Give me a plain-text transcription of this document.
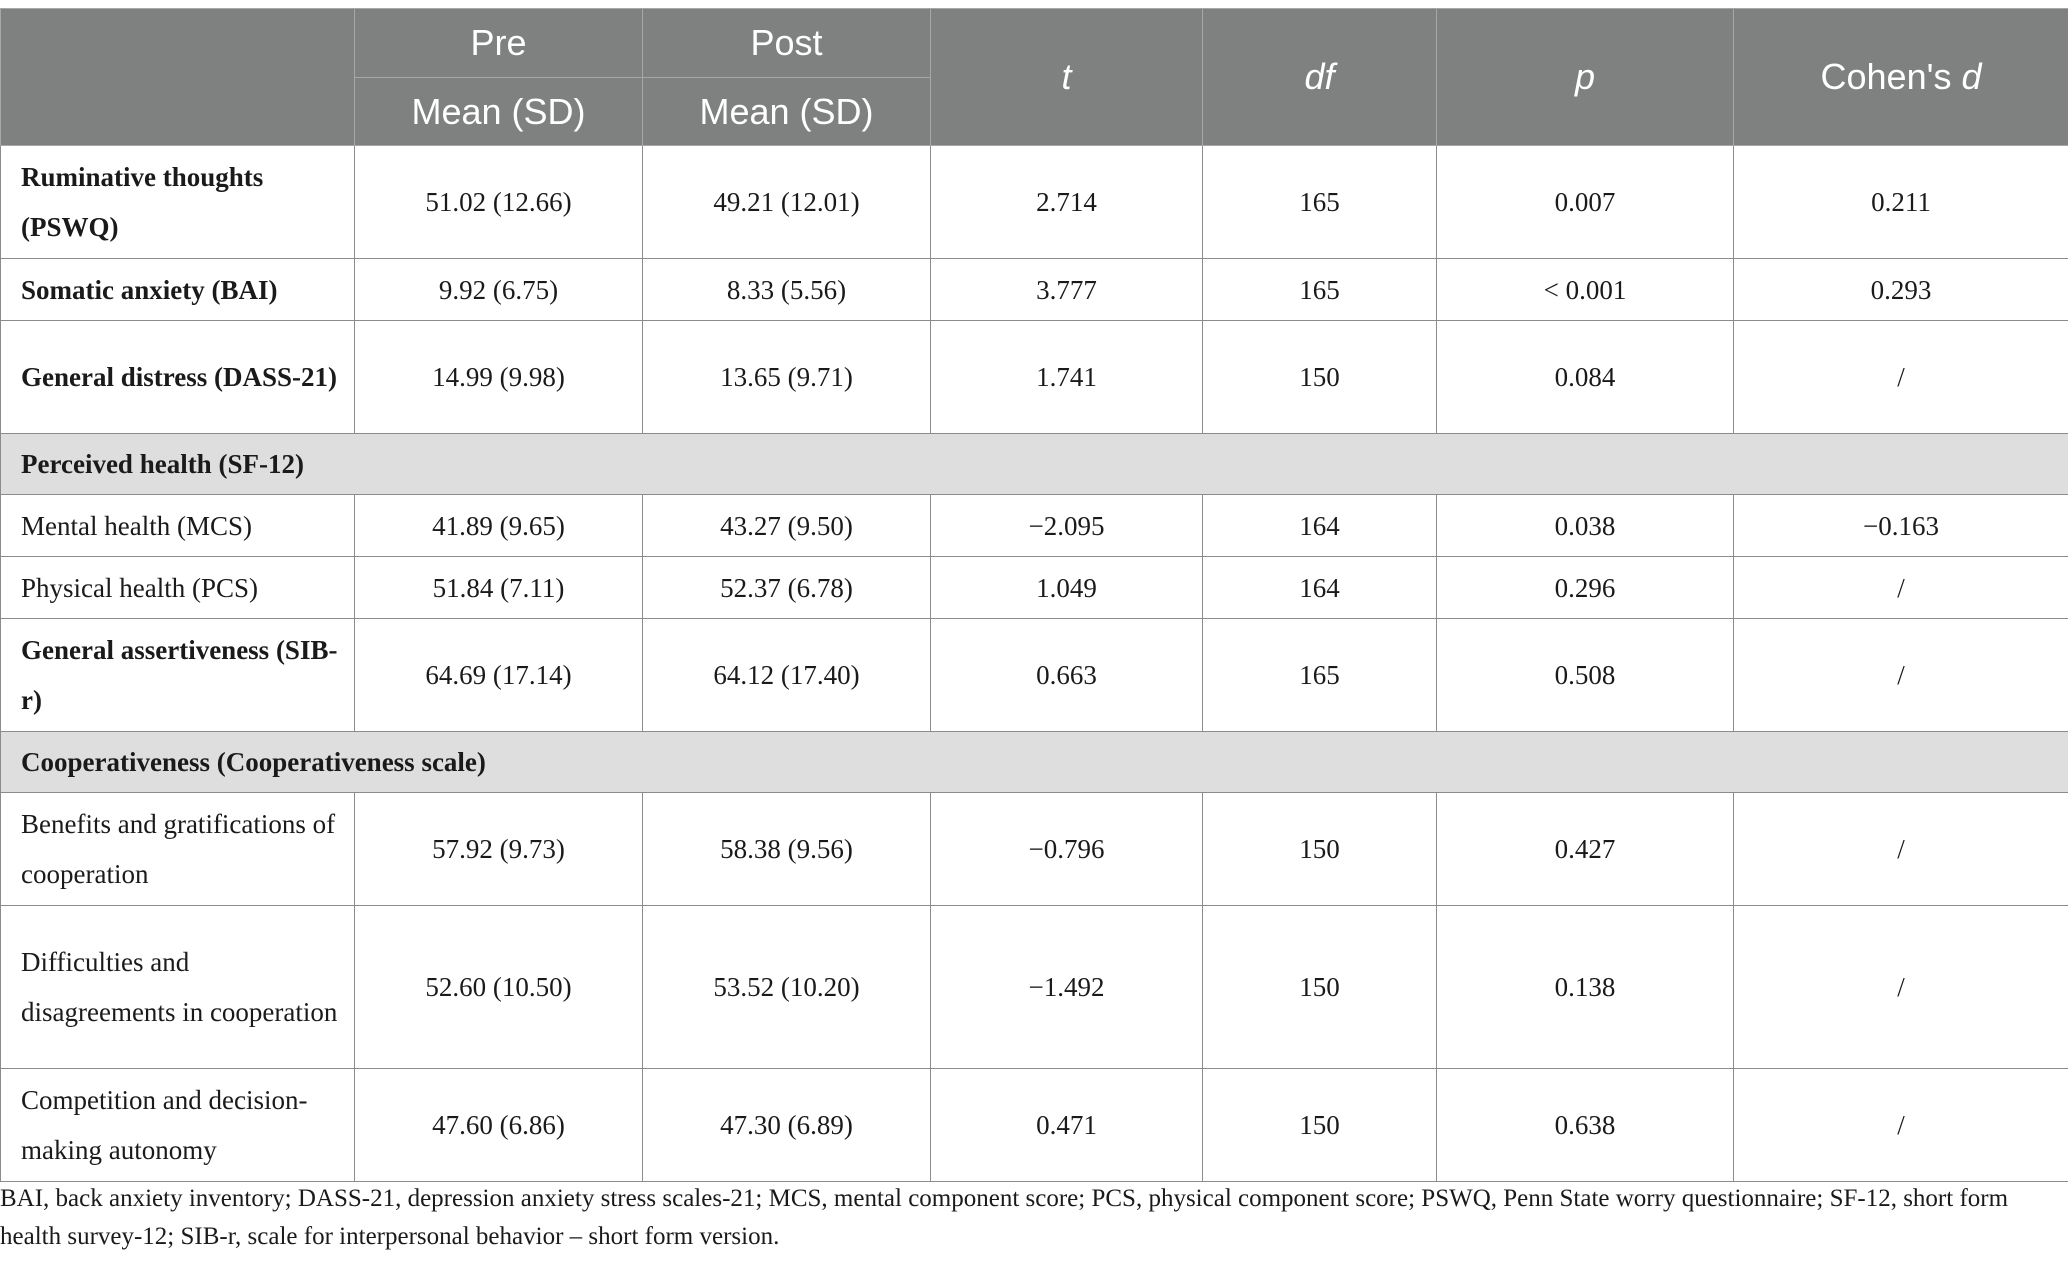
	Pre	Post	t	df	p	Cohen's d
	Mean (SD)	Mean (SD)				
Ruminative thoughts (PSWQ)	51.02 (12.66)	49.21 (12.01)	2.714	165	0.007	0.211
Somatic anxiety (BAI)	9.92 (6.75)	8.33 (5.56)	3.777	165	< 0.001	0.293
General distress (DASS-21)	14.99 (9.98)	13.65 (9.71)	1.741	150	0.084	/
Perceived health (SF-12)						
Mental health (MCS)	41.89 (9.65)	43.27 (9.50)	−2.095	164	0.038	−0.163
Physical health (PCS)	51.84 (7.11)	52.37 (6.78)	1.049	164	0.296	/
General assertiveness (SIB-r)	64.69 (17.14)	64.12 (17.40)	0.663	165	0.508	/
Cooperativeness (Cooperativeness scale)						
Benefits and gratifications of cooperation	57.92 (9.73)	58.38 (9.56)	−0.796	150	0.427	/
Difficulties and disagreements in cooperation	52.60 (10.50)	53.52 (10.20)	−1.492	150	0.138	/
Competition and decision-making autonomy	47.60 (6.86)	47.30 (6.89)	0.471	150	0.638	/
BAI, back anxiety inventory; DASS-21, depression anxiety stress scales-21; MCS, mental component score; PCS, physical component score; PSWQ, Penn State worry questionnaire; SF-12, short form health survey-12; SIB-r, scale for interpersonal behavior – short form version.
